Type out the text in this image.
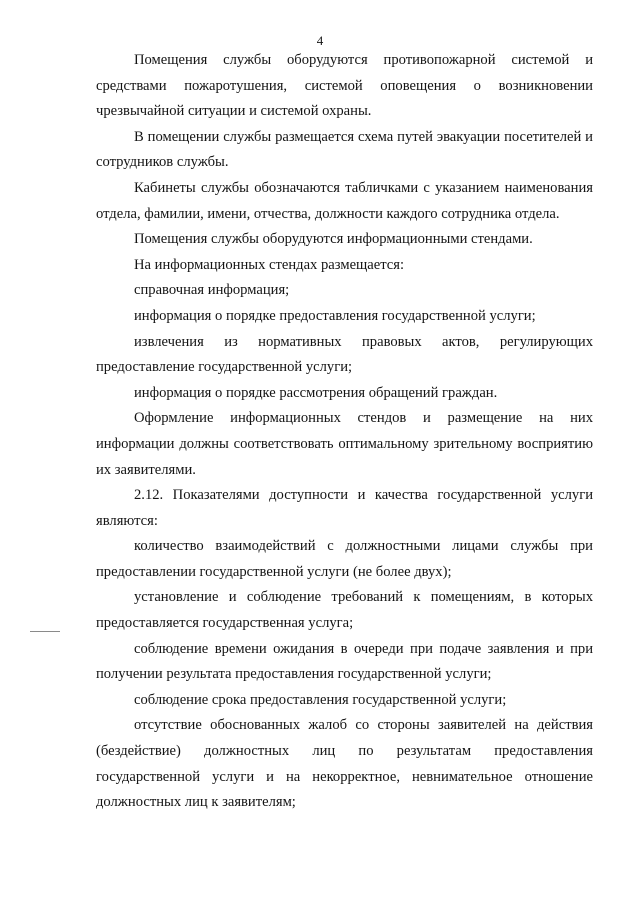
4

Помещения службы оборудуются противопожарной системой и средствами пожаротушения, системой оповещения о возникновении чрезвычайной ситуации и системой охраны.

В помещении службы размещается схема путей эвакуации посетителей и сотрудников службы.

Кабинеты службы обозначаются табличками с указанием наименования отдела, фамилии, имени, отчества, должности каждого сотрудника отдела.

Помещения службы оборудуются информационными стендами.

На информационных стендах размещается:

справочная информация;

информация о порядке предоставления государственной услуги;

извлечения из нормативных правовых актов, регулирующих предоставление государственной услуги;

информация о порядке рассмотрения обращений граждан.

Оформление информационных стендов и размещение на них информации должны соответствовать оптимальному зрительному восприятию их заявителями.

2.12. Показателями доступности и качества государственной услуги являются:

количество взаимодействий с должностными лицами службы при предоставлении государственной услуги (не более двух);

установление и соблюдение требований к помещениям, в которых предоставляется государственная услуга;

соблюдение времени ожидания в очереди при подаче заявления и при получении результата предоставления государственной услуги;

соблюдение срока предоставления государственной услуги;

отсутствие обоснованных жалоб со стороны заявителей на действия (бездействие) должностных лиц по результатам предоставления государственной услуги и на некорректное, невнимательное отношение должностных лиц к заявителям;
